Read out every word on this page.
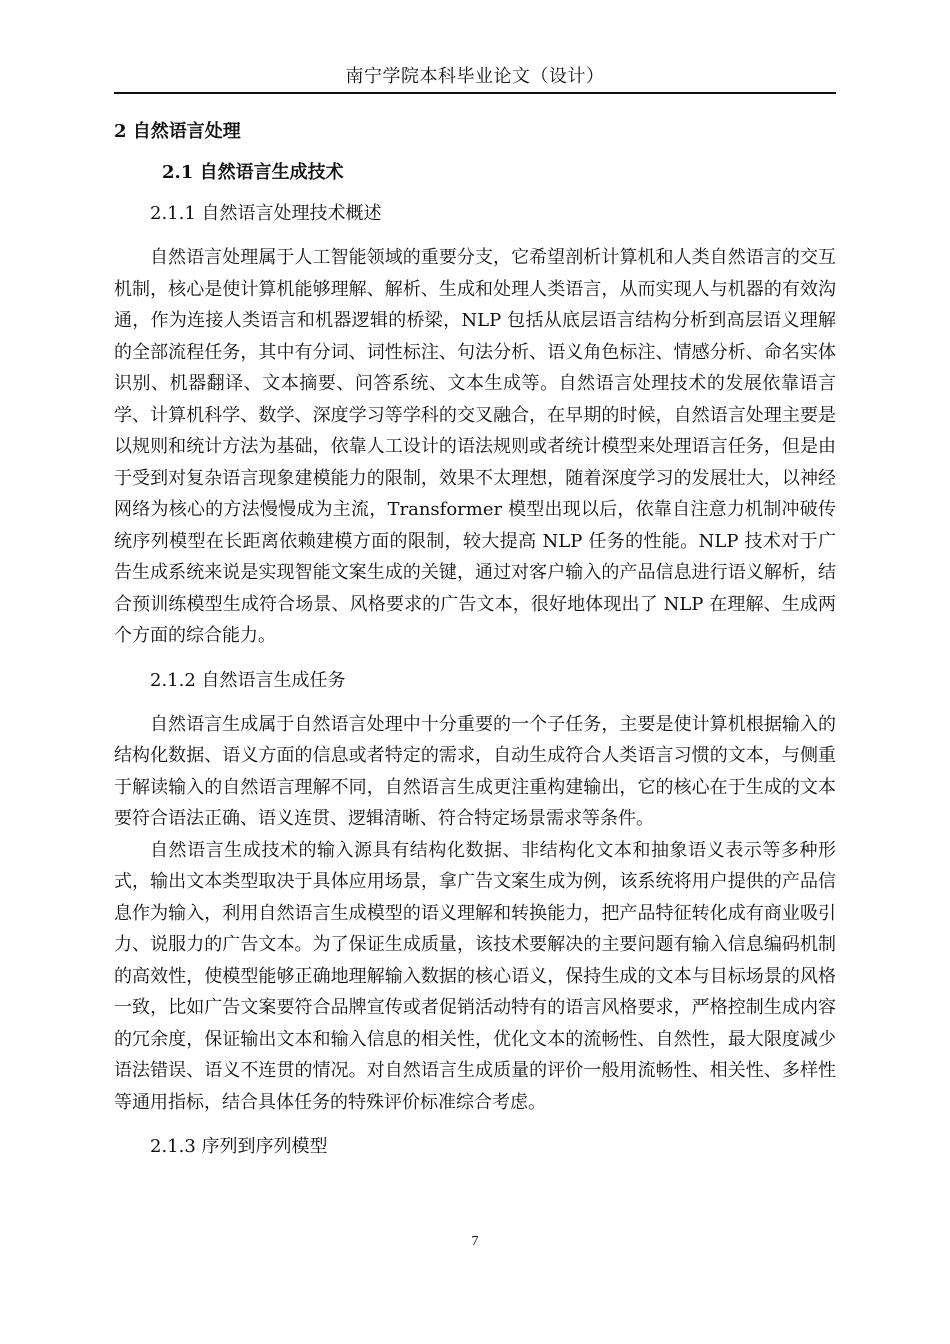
南宁学院本科毕业论文（设计）
2 自然语言处理
2.1 自然语言生成技术
2.1.1 自然语言处理技术概述

自然语言处理属于人工智能领域的重要分支，它希望剖析计算机和人类自然语言的交互机制，核心是使计算机能够理解、解析、生成和处理人类语言，从而实现人与机器的有效沟通，作为连接人类语言和机器逻辑的桥梁，NLP 包括从底层语言结构分析到高层语义理解的全部流程任务，其中有分词、词性标注、句法分析、语义角色标注、情感分析、命名实体识别、机器翻译、文本摘要、问答系统、文本生成等。自然语言处理技术的发展依靠语言学、计算机科学、数学、深度学习等学科的交叉融合，在早期的时候，自然语言处理主要是以规则和统计方法为基础，依靠人工设计的语法规则或者统计模型来处理语言任务，但是由于受到对复杂语言现象建模能力的限制，效果不太理想，随着深度学习的发展壮大，以神经网络为核心的方法慢慢成为主流，Transformer 模型出现以后，依靠自注意力机制冲破传统序列模型在长距离依赖建模方面的限制，较大提高 NLP 任务的性能。NLP 技术对于广告生成系统来说是实现智能文案生成的关键，通过对客户输入的产品信息进行语义解析，结合预训练模型生成符合场景、风格要求的广告文本，很好地体现出了 NLP 在理解、生成两个方面的综合能力。

2.1.2 自然语言生成任务

自然语言生成属于自然语言处理中十分重要的一个子任务，主要是使计算机根据输入的结构化数据、语义方面的信息或者特定的需求，自动生成符合人类语言习惯的文本，与侧重于解读输入的自然语言理解不同，自然语言生成更注重构建输出，它的核心在于生成的文本要符合语法正确、语义连贯、逻辑清晰、符合特定场景需求等条件。

自然语言生成技术的输入源具有结构化数据、非结构化文本和抽象语义表示等多种形式，输出文本类型取决于具体应用场景，拿广告文案生成为例，该系统将用户提供的产品信息作为输入，利用自然语言生成模型的语义理解和转换能力，把产品特征转化成有商业吸引力、说服力的广告文本。为了保证生成质量，该技术要解决的主要问题有输入信息编码机制的高效性，使模型能够正确地理解输入数据的核心语义，保持生成的文本与目标场景的风格一致，比如广告文案要符合品牌宣传或者促销活动特有的语言风格要求，严格控制生成内容的冗余度，保证输出文本和输入信息的相关性，优化文本的流畅性、自然性，最大限度减少语法错误、语义不连贯的情况。对自然语言生成质量的评价一般用流畅性、相关性、多样性等通用指标，结合具体任务的特殊评价标准综合考虑。

2.1.3 序列到序列模型
7
